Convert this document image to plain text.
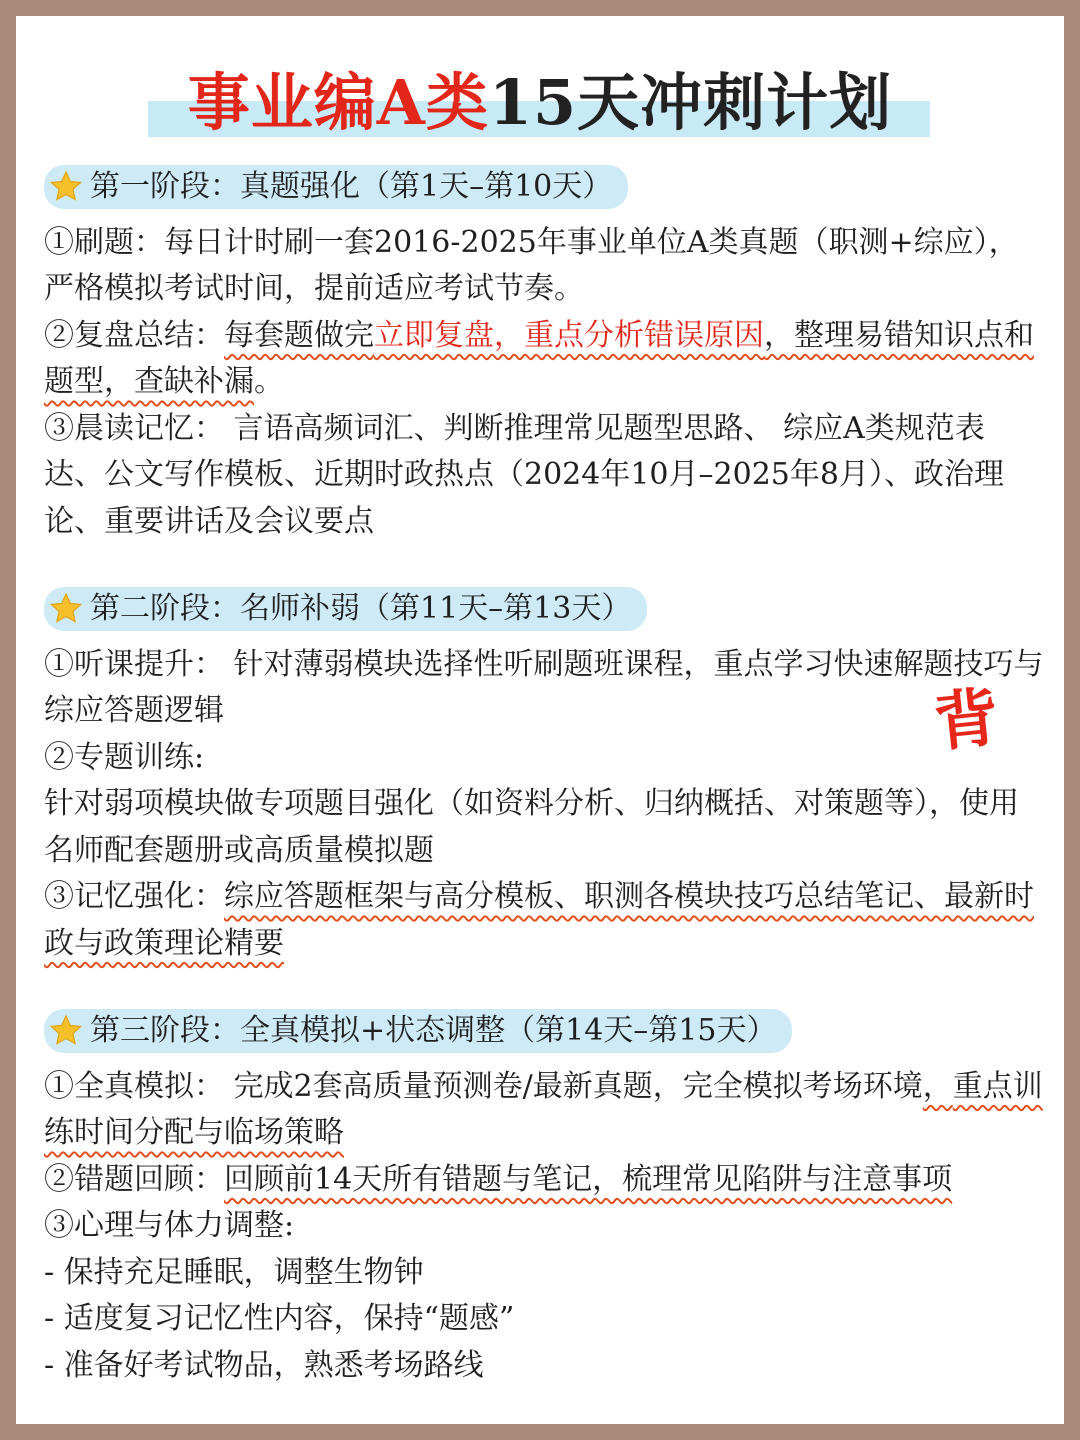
事业编A类15天冲刺计划
背
第一阶段：真题强化（第1天–第10天）

①刷题：每日计时刷一套2016-2025年事业单位A类真题（职测+综应），严格模拟考试时间，提前适应考试节奏。

②复盘总结：每套题做完立即复盘，重点分析错误原因，整理易错知识点和题型，查缺补漏。

③晨读记忆： 言语高频词汇、判断推理常见题型思路、 综应A类规范表达、公文写作模板、近期时政热点（2024年10月–2025年8月）、政治理论、重要讲话及会议要点

第二阶段：名师补弱（第11天–第13天）

①听课提升： 针对薄弱模块选择性听刷题班课程，重点学习快速解题技巧与综应答题逻辑

②专题训练:

针对弱项模块做专项题目强化（如资料分析、归纳概括、对策题等），使用名师配套题册或高质量模拟题

③记忆强化：综应答题框架与高分模板、职测各模块技巧总结笔记、最新时政与政策理论精要

第三阶段：全真模拟+状态调整（第14天–第15天）

①全真模拟： 完成2套高质量预测卷/最新真题，完全模拟考场环境，重点训练时间分配与临场策略

②错题回顾：回顾前14天所有错题与笔记，梳理常见陷阱与注意事项

③心理与体力调整:

- 保持充足睡眠，调整生物钟

- 适度复习记忆性内容，保持“题感”

- 准备好考试物品，熟悉考场路线
